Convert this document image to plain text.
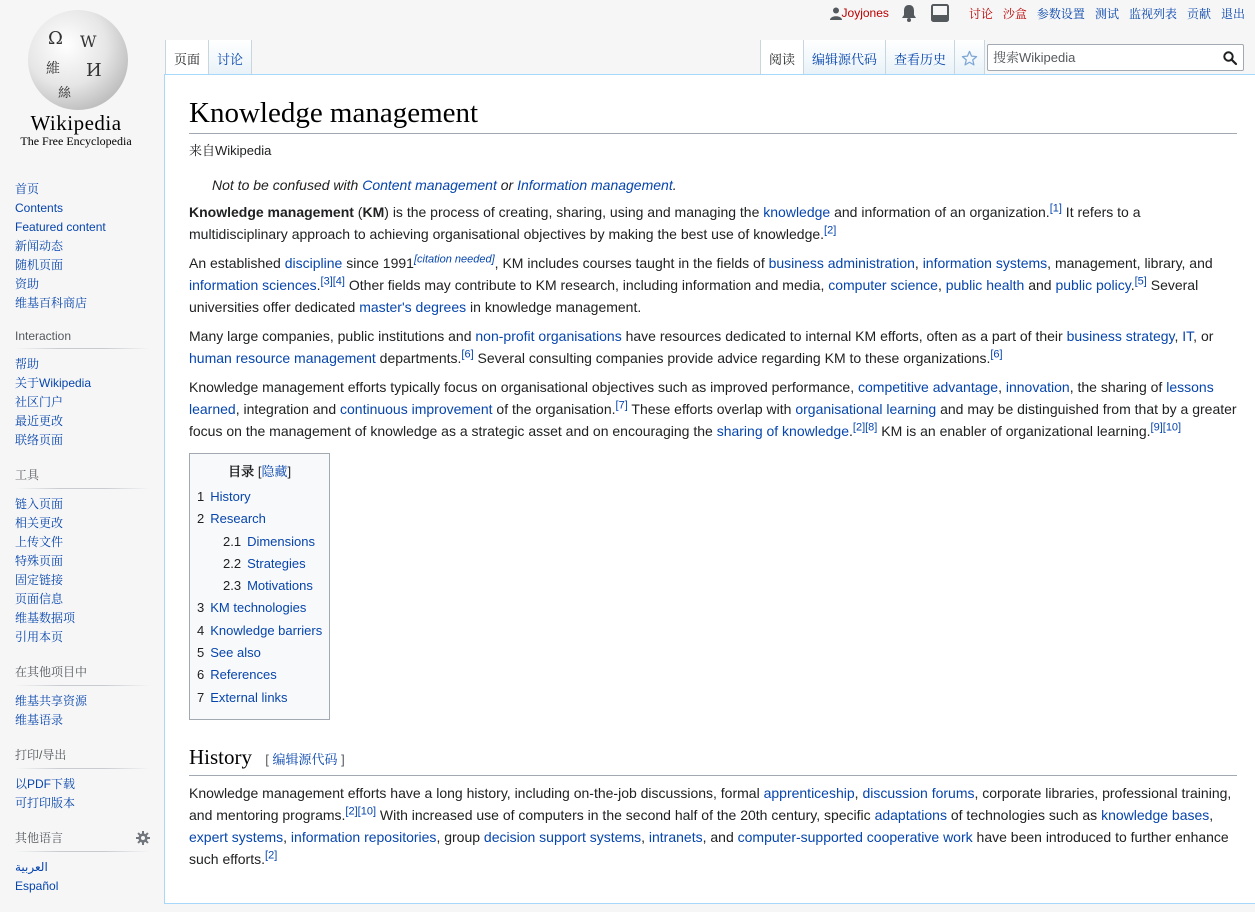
Ω W
維 И
絲
Wikipedia
The Free Encyclopedia
Joyjones	讨论 沙盒 参数设置 测试 监视列表 贡献 退出
页面	讨论	阅读	编辑源代码	查看历史
搜索Wikipedia
首页
Contents
Featured content
新闻动态
随机页面
资助
维基百科商店
Interaction
帮助
关于Wikipedia
社区门户
最近更改
联络页面
工具
链入页面
相关更改
上传文件
特殊页面
固定链接
页面信息
维基数据项
引用本页
在其他项目中
维基共享资源
维基语录
打印/导出
以PDF下载
可打印版本
其他语言
العربية
Español
Knowledge management
来自Wikipedia
Not to be confused with Content management or Information management.

Knowledge management (KM) is the process of creating, sharing, using and managing the knowledge and information of an organization.[1] It refers to a multidisciplinary approach to achieving organisational objectives by making the best use of knowledge.[2]

An established discipline since 1991[citation needed], KM includes courses taught in the fields of business administration, information systems, management, library, and information sciences.[3][4] Other fields may contribute to KM research, including information and media, computer science, public health and public policy.[5] Several universities offer dedicated master's degrees in knowledge management.

Many large companies, public institutions and non-profit organisations have resources dedicated to internal KM efforts, often as a part of their business strategy, IT, or human resource management departments.[6] Several consulting companies provide advice regarding KM to these organizations.[6]

Knowledge management efforts typically focus on organisational objectives such as improved performance, competitive advantage, innovation, the sharing of lessons learned, integration and continuous improvement of the organisation.[7] These efforts overlap with organisational learning and may be distinguished from that by a greater focus on the management of knowledge as a strategic asset and on encouraging the sharing of knowledge.[2][8] KM is an enabler of organizational learning.[9][10]

目录 [隐藏]
1 History
2 Research
2.1 Dimensions
2.2 Strategies
2.3 Motivations
3 KM technologies
4 Knowledge barriers
5 See also
6 References
7 External links
History [ 编辑源代码 ]

Knowledge management efforts have a long history, including on-the-job discussions, formal apprenticeship, discussion forums, corporate libraries, professional training, and mentoring programs.[2][10] With increased use of computers in the second half of the 20th century, specific adaptations of technologies such as knowledge bases, expert systems, information repositories, group decision support systems, intranets, and computer-supported cooperative work have been introduced to further enhance such efforts.[2]
